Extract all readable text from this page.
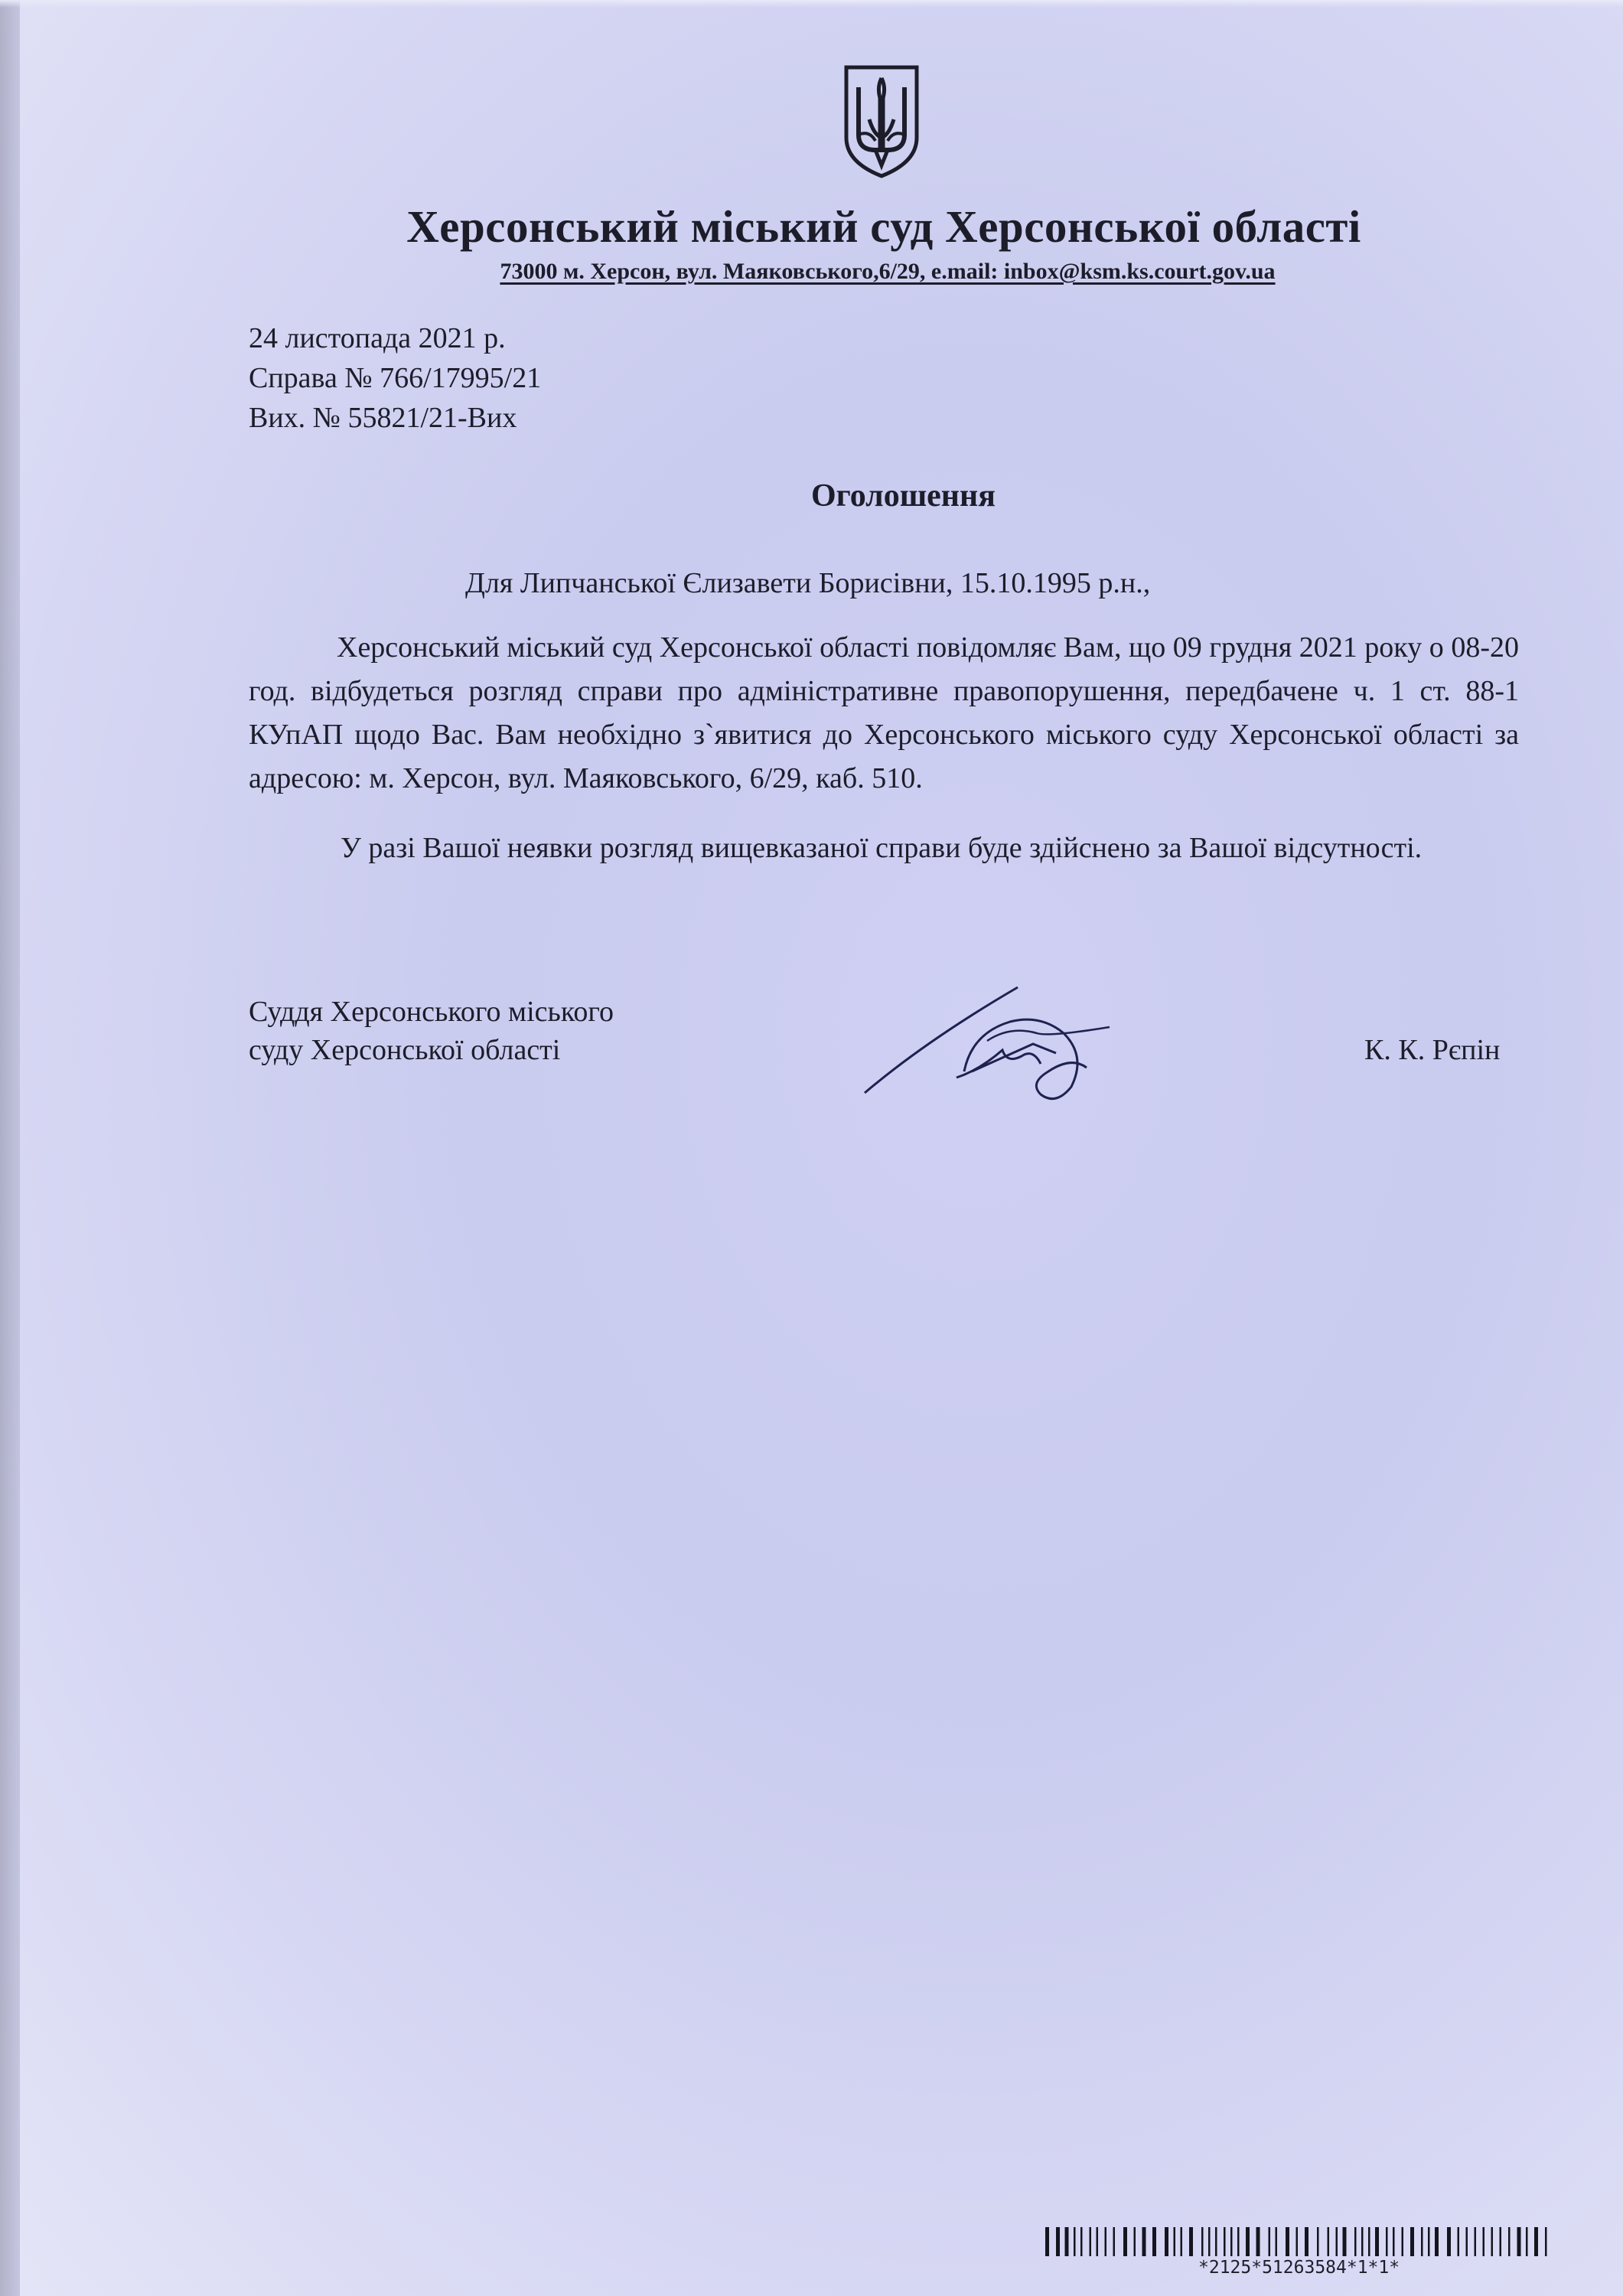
Херсонський міський суд Херсонської області
73000 м. Херсон, вул. Маяковського,6/29, e.mail: inbox@ksm.ks.court.gov.ua
24 листопада 2021 р.
Справа № 766/17995/21
Вих. № 55821/21-Вих
Оголошення
Для Липчанської Єлизавети Борисівни, 15.10.1995 р.н.,

Херсонський міський суд Херсонської області повідомляє Вам, що 09 грудня 2021 року о 08-20 год. відбудеться розгляд справи про адміністративне правопорушення, передбачене ч. 1 ст. 88-1 КУпАП щодо Вас. Вам необхідно з`явитися до Херсонського міського суду Херсонської області за адресою: м. Херсон, вул. Маяковського, 6/29, каб. 510.

У разі Вашої неявки розгляд вищевказаної справи буде здійснено за Вашої відсутності.

Суддя Херсонського міського
суду Херсонської області	К. К. Рєпін
*2125*51263584*1*1*
